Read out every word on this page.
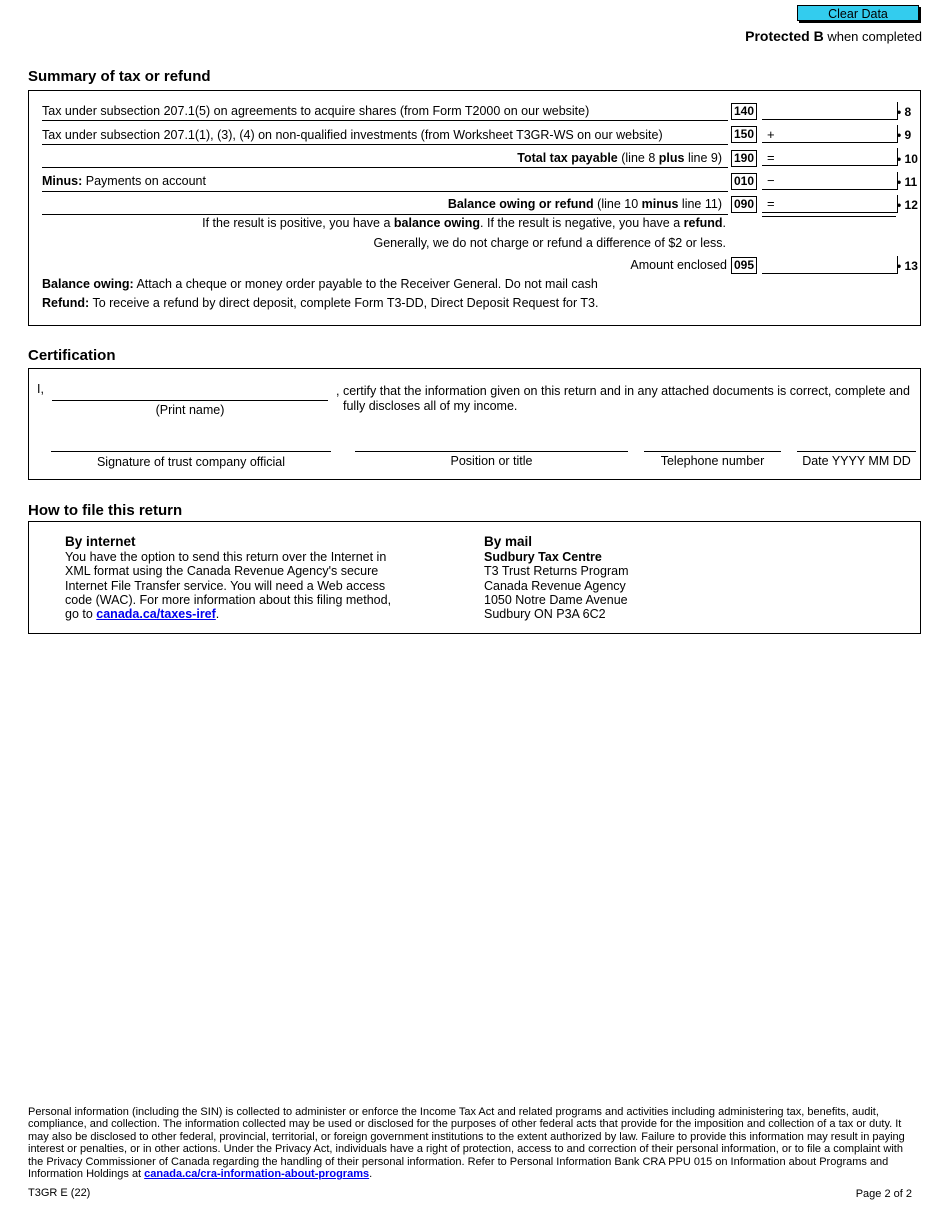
Clear Data
Protected B when completed
Summary of tax or refund
Tax under subsection 207.1(5) on agreements to acquire shares (from Form T2000 on our website)	140	• 8
Tax under subsection 207.1(1), (3), (4) on non-qualified investments (from Worksheet T3GR-WS on our website)	150 +	• 9
Total tax payable (line 8 plus line 9) 190 =	• 10
Minus: Payments on account	010 −	• 11
Balance owing or refund (line 10 minus line 11) 090 =	• 12
If the result is positive, you have a balance owing. If the result is negative, you have a refund.
Generally, we do not charge or refund a difference of $2 or less.
Amount enclosed 095	• 13
Balance owing: Attach a cheque or money order payable to the Receiver General. Do not mail cash
Refund: To receive a refund by direct deposit, complete Form T3-DD, Direct Deposit Request for T3.
Certification
I,
(Print name)
, certify that the information given on this return and in any attached documents is correct, complete and
fully discloses all of my income.
Signature of trust company official	Position or title	Telephone number	Date YYYY MM DD
How to file this return

By internet

You have the option to send this return over the Internet in

XML format using the Canada Revenue Agency's secure

Internet File Transfer service. You will need a Web access

code (WAC). For more information about this filing method,

go to canada.ca/taxes-iref.

By mail

Sudbury Tax Centre

T3 Trust Returns Program

Canada Revenue Agency

1050 Notre Dame Avenue

Sudbury ON P3A 6C2

Personal information (including the SIN) is collected to administer or enforce the Income Tax Act and related programs and activities including administering tax, benefits, audit, compliance, and collection. The information collected may be used or disclosed for the purposes of other federal acts that provide for the imposition and collection of a tax or duty. It may also be disclosed to other federal, provincial, territorial, or foreign government institutions to the extent authorized by law. Failure to provide this information may result in paying interest or penalties, or in other actions. Under the Privacy Act, individuals have a right of protection, access to and correction of their personal information, or to file a complaint with the Privacy Commissioner of Canada regarding the handling of their personal information. Refer to Personal Information Bank CRA PPU 015 on Information about Programs and Information Holdings at canada.ca/cra-information-about-programs.
T3GR E (22)	Page 2 of 2
